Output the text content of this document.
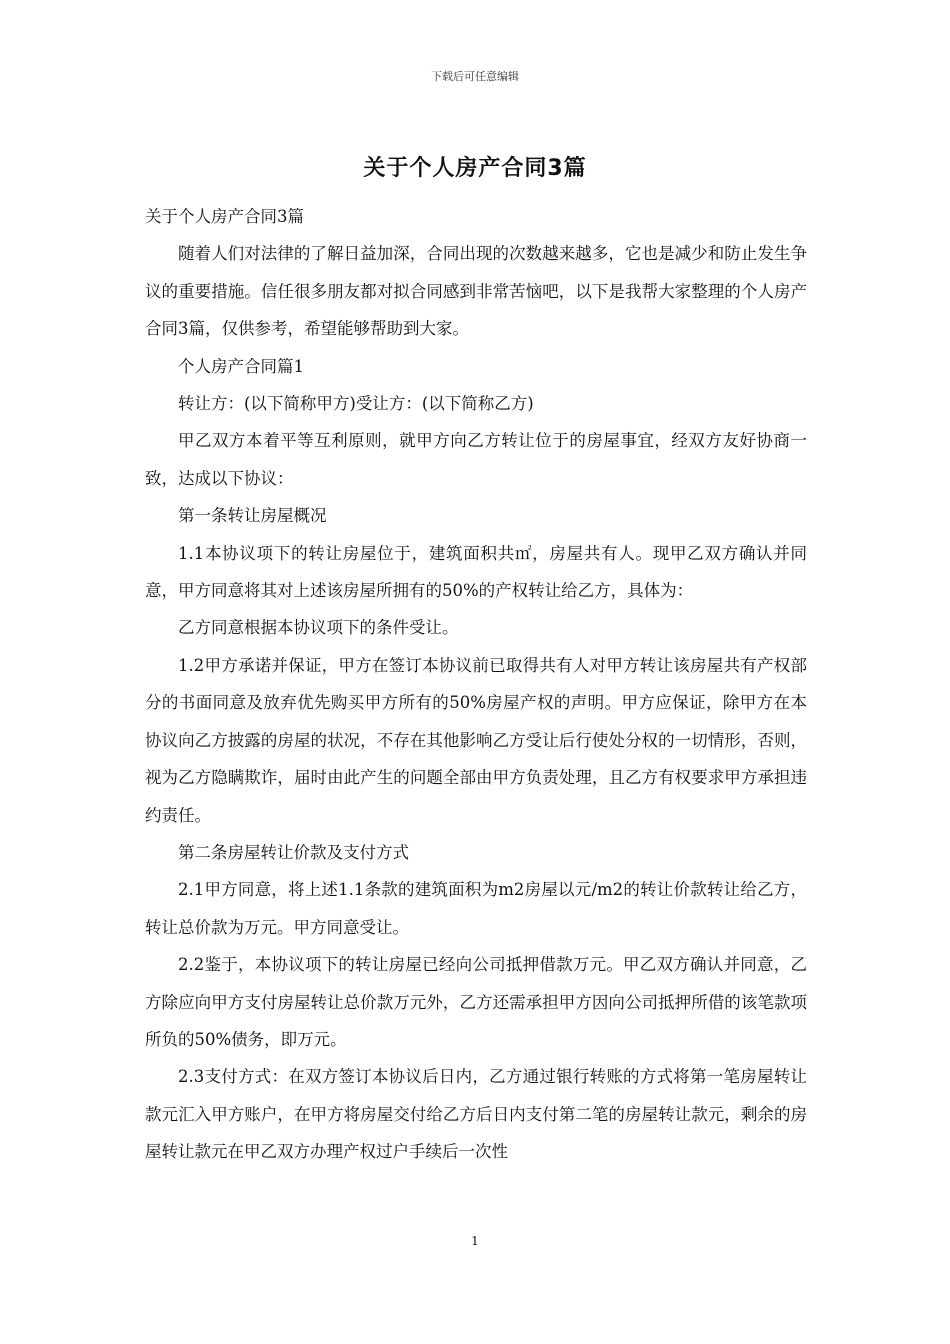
下载后可任意编辑
关于个人房产合同3篇

关于个人房产合同3篇

随着人们对法律的了解日益加深，合同出现的次数越来越多，它也是减少和防止发生争议的重要措施。信任很多朋友都对拟合同感到非常苦恼吧，以下是我帮大家整理的个人房产合同3篇，仅供参考，希望能够帮助到大家。

个人房产合同篇1

转让方：(以下简称甲方)受让方：(以下简称乙方)

甲乙双方本着平等互利原则，就甲方向乙方转让位于的房屋事宜，经双方友好协商一致，达成以下协议：

第一条转让房屋概况

1.1本协议项下的转让房屋位于，建筑面积共㎡，房屋共有人。现甲乙双方确认并同意，甲方同意将其对上述该房屋所拥有的50%的产权转让给乙方，具体为：

乙方同意根据本协议项下的条件受让。

1.2甲方承诺并保证，甲方在签订本协议前已取得共有人对甲方转让该房屋共有产权部分的书面同意及放弃优先购买甲方所有的50%房屋产权的声明。甲方应保证，除甲方在本协议向乙方披露的房屋的状况，不存在其他影响乙方受让后行使处分权的一切情形，否则，视为乙方隐瞒欺诈，届时由此产生的问题全部由甲方负责处理，且乙方有权要求甲方承担违约责任。

第二条房屋转让价款及支付方式

2.1甲方同意，将上述1.1条款的建筑面积为m2房屋以元/m2的转让价款转让给乙方，转让总价款为万元。甲方同意受让。

2.2鉴于，本协议项下的转让房屋已经向公司抵押借款万元。甲乙双方确认并同意，乙方除应向甲方支付房屋转让总价款万元外，乙方还需承担甲方因向公司抵押所借的该笔款项所负的50%债务，即万元。

2.3支付方式：在双方签订本协议后日内，乙方通过银行转账的方式将第一笔房屋转让款元汇入甲方账户，在甲方将房屋交付给乙方后日内支付第二笔的房屋转让款元，剩余的房屋转让款元在甲乙双方办理产权过户手续后一次性

1
